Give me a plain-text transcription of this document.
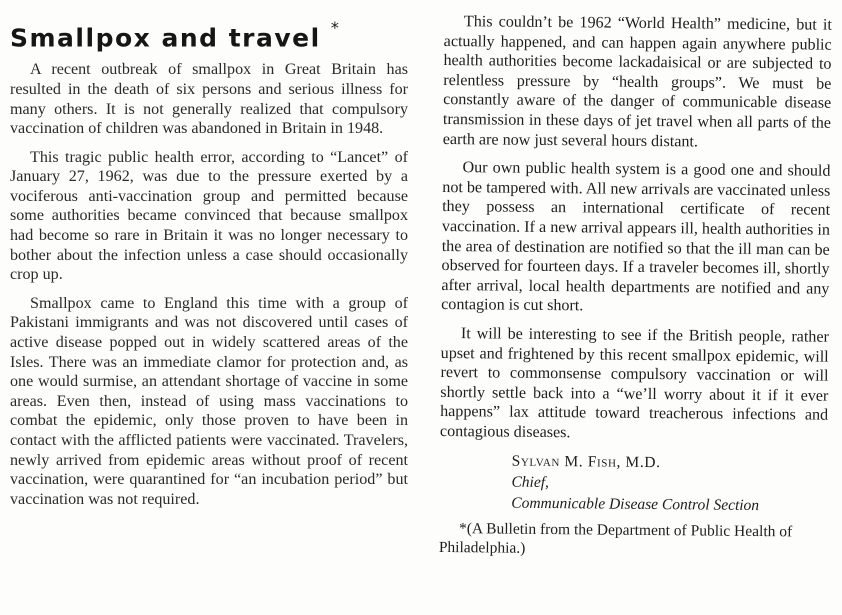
Smallpox and travel *

A recent outbreak of smallpox in Great Britain has resulted in the death of six persons and serious illness for many others. It is not generally realized that compulsory vaccination of children was abandoned in Britain in 1948.

This tragic public health error, according to “Lancet” of January 27, 1962, was due to the pressure exerted by a vociferous anti-vaccination group and permitted because some authorities became convinced that because smallpox had become so rare in Britain it was no longer necessary to bother about the infection unless a case should occasionally crop up.

Smallpox came to England this time with a group of Pakistani immigrants and was not discovered until cases of active disease popped out in widely scattered areas of the Isles. There was an immediate clamor for protection and, as one would surmise, an attendant shortage of vaccine in some areas. Even then, instead of using mass vaccinations to combat the epidemic, only those proven to have been in contact with the afflicted patients were vaccinated. Travelers, newly arrived from epidemic areas without proof of recent vaccination, were quarantined for “an incubation period” but vaccination was not required.

This couldn’t be 1962 “World Health” medicine, but it actually happened, and can happen again anywhere public health authorities become lackadaisical or are subjected to relentless pressure by “health groups”. We must be constantly aware of the danger of communicable disease transmission in these days of jet travel when all parts of the earth are now just several hours distant.

Our own public health system is a good one and should not be tampered with. All new arrivals are vaccinated unless they possess an international certificate of recent vaccination. If a new arrival appears ill, health authorities in the area of destination are notified so that the ill man can be observed for fourteen days. If a traveler becomes ill, shortly after arrival, local health departments are notified and any contagion is cut short.

It will be interesting to see if the British people, rather upset and frightened by this recent smallpox epidemic, will revert to commonsense compulsory vaccination or will shortly settle back into a “we’ll worry about it if it ever happens” lax attitude toward treacherous infections and contagious diseases.

Sylvan M. Fish, M.D.
Chief,
Communicable Disease Control Section
*(A Bulletin from the Department of Public Health of Philadelphia.)
